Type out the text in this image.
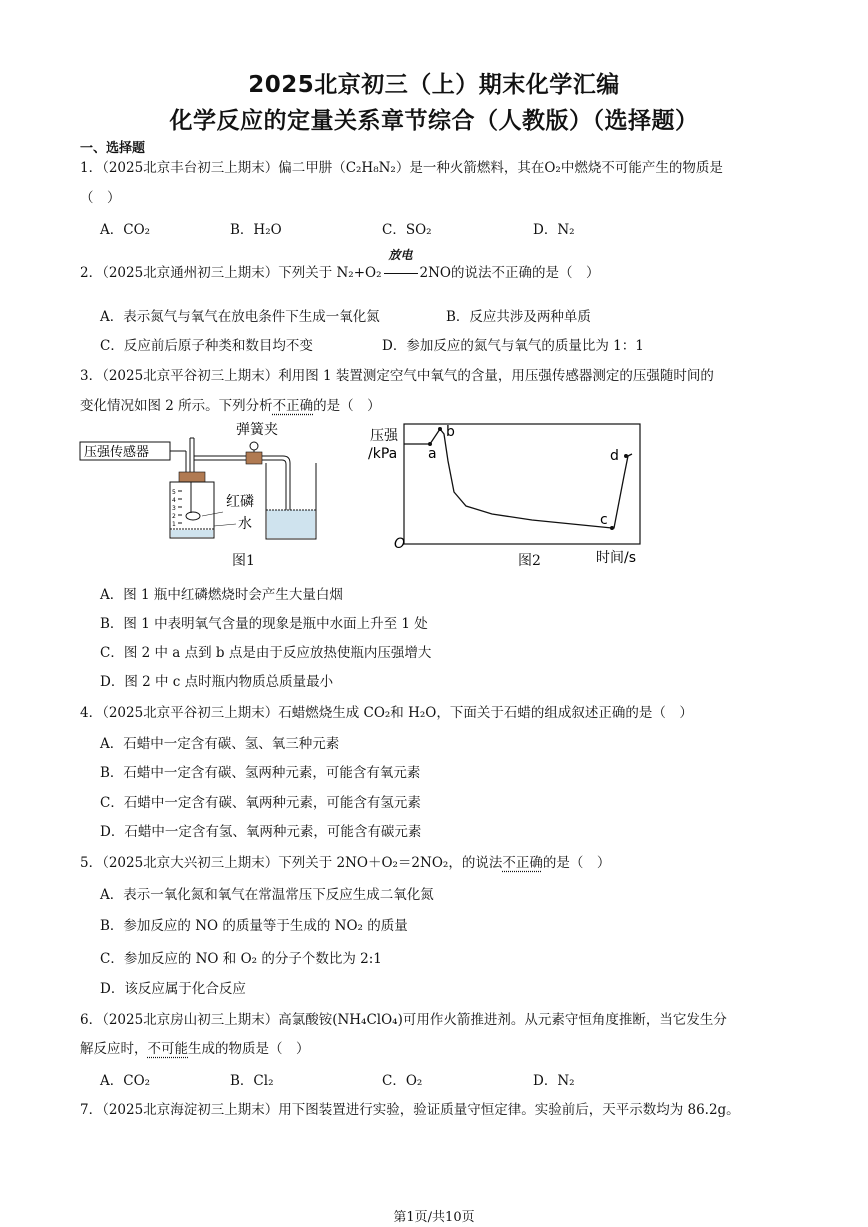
2025北京初三（上）期末化学汇编
化学反应的定量关系章节综合（人教版）（选择题）
一、选择题
1．（2025北京丰台初三上期末）偏二甲肼（C₂H₈N₂）是一种火箭燃料，其在O₂中燃烧不可能产生的物质是
（　）
A．CO₂	B．H₂O	C．SO₂	D．N₂
2．（2025北京通州初三上期末）下列关于 N₂+O₂
放电
2NO的说法不正确的是（　）
A．表示氮气与氧气在放电条件下生成一氧化氮	B．反应共涉及两种单质
C．反应前后原子种类和数目均不变	D．参加反应的氮气与氧气的质量比为 1：1
3．（2025北京平谷初三上期末）利用图 1 装置测定空气中氧气的含量，用压强传感器测定的压强随时间的
变化情况如图 2 所示。下列分析不正确的是（　）
压强传感器
5
4
3
2
1
红磷
水
弹簧夹
图1
压强
/kPa a
b
c
d
O
时间/s
图2
A．图 1 瓶中红磷燃烧时会产生大量白烟
B．图 1 中表明氧气含量的现象是瓶中水面上升至 1 处
C．图 2 中 a 点到 b 点是由于反应放热使瓶内压强增大
D．图 2 中 c 点时瓶内物质总质量最小
4．（2025北京平谷初三上期末）石蜡燃烧生成 CO₂和 H₂O，下面关于石蜡的组成叙述正确的是（　）
A．石蜡中一定含有碳、氢、氧三种元素
B．石蜡中一定含有碳、氢两种元素，可能含有氧元素
C．石蜡中一定含有碳、氧两种元素，可能含有氢元素
D．石蜡中一定含有氢、氧两种元素，可能含有碳元素
5．（2025北京大兴初三上期末）下列关于 2NO＋O₂＝2NO₂，的说法不正确的是（　）
A．表示一氧化氮和氧气在常温常压下反应生成二氧化氮
B．参加反应的 NO 的质量等于生成的 NO₂ 的质量
C．参加反应的 NO 和 O₂ 的分子个数比为 2:1
D．该反应属于化合反应
6．（2025北京房山初三上期末）高氯酸铵(NH₄ClO₄)可用作火箭推进剂。从元素守恒角度推断，当它发生分
解反应时，不可能生成的物质是（　）
A．CO₂	B．Cl₂	C．O₂	D．N₂
7．（2025北京海淀初三上期末）用下图装置进行实验，验证质量守恒定律。实验前后，天平示数均为 86.2g。
第1页/共10页
